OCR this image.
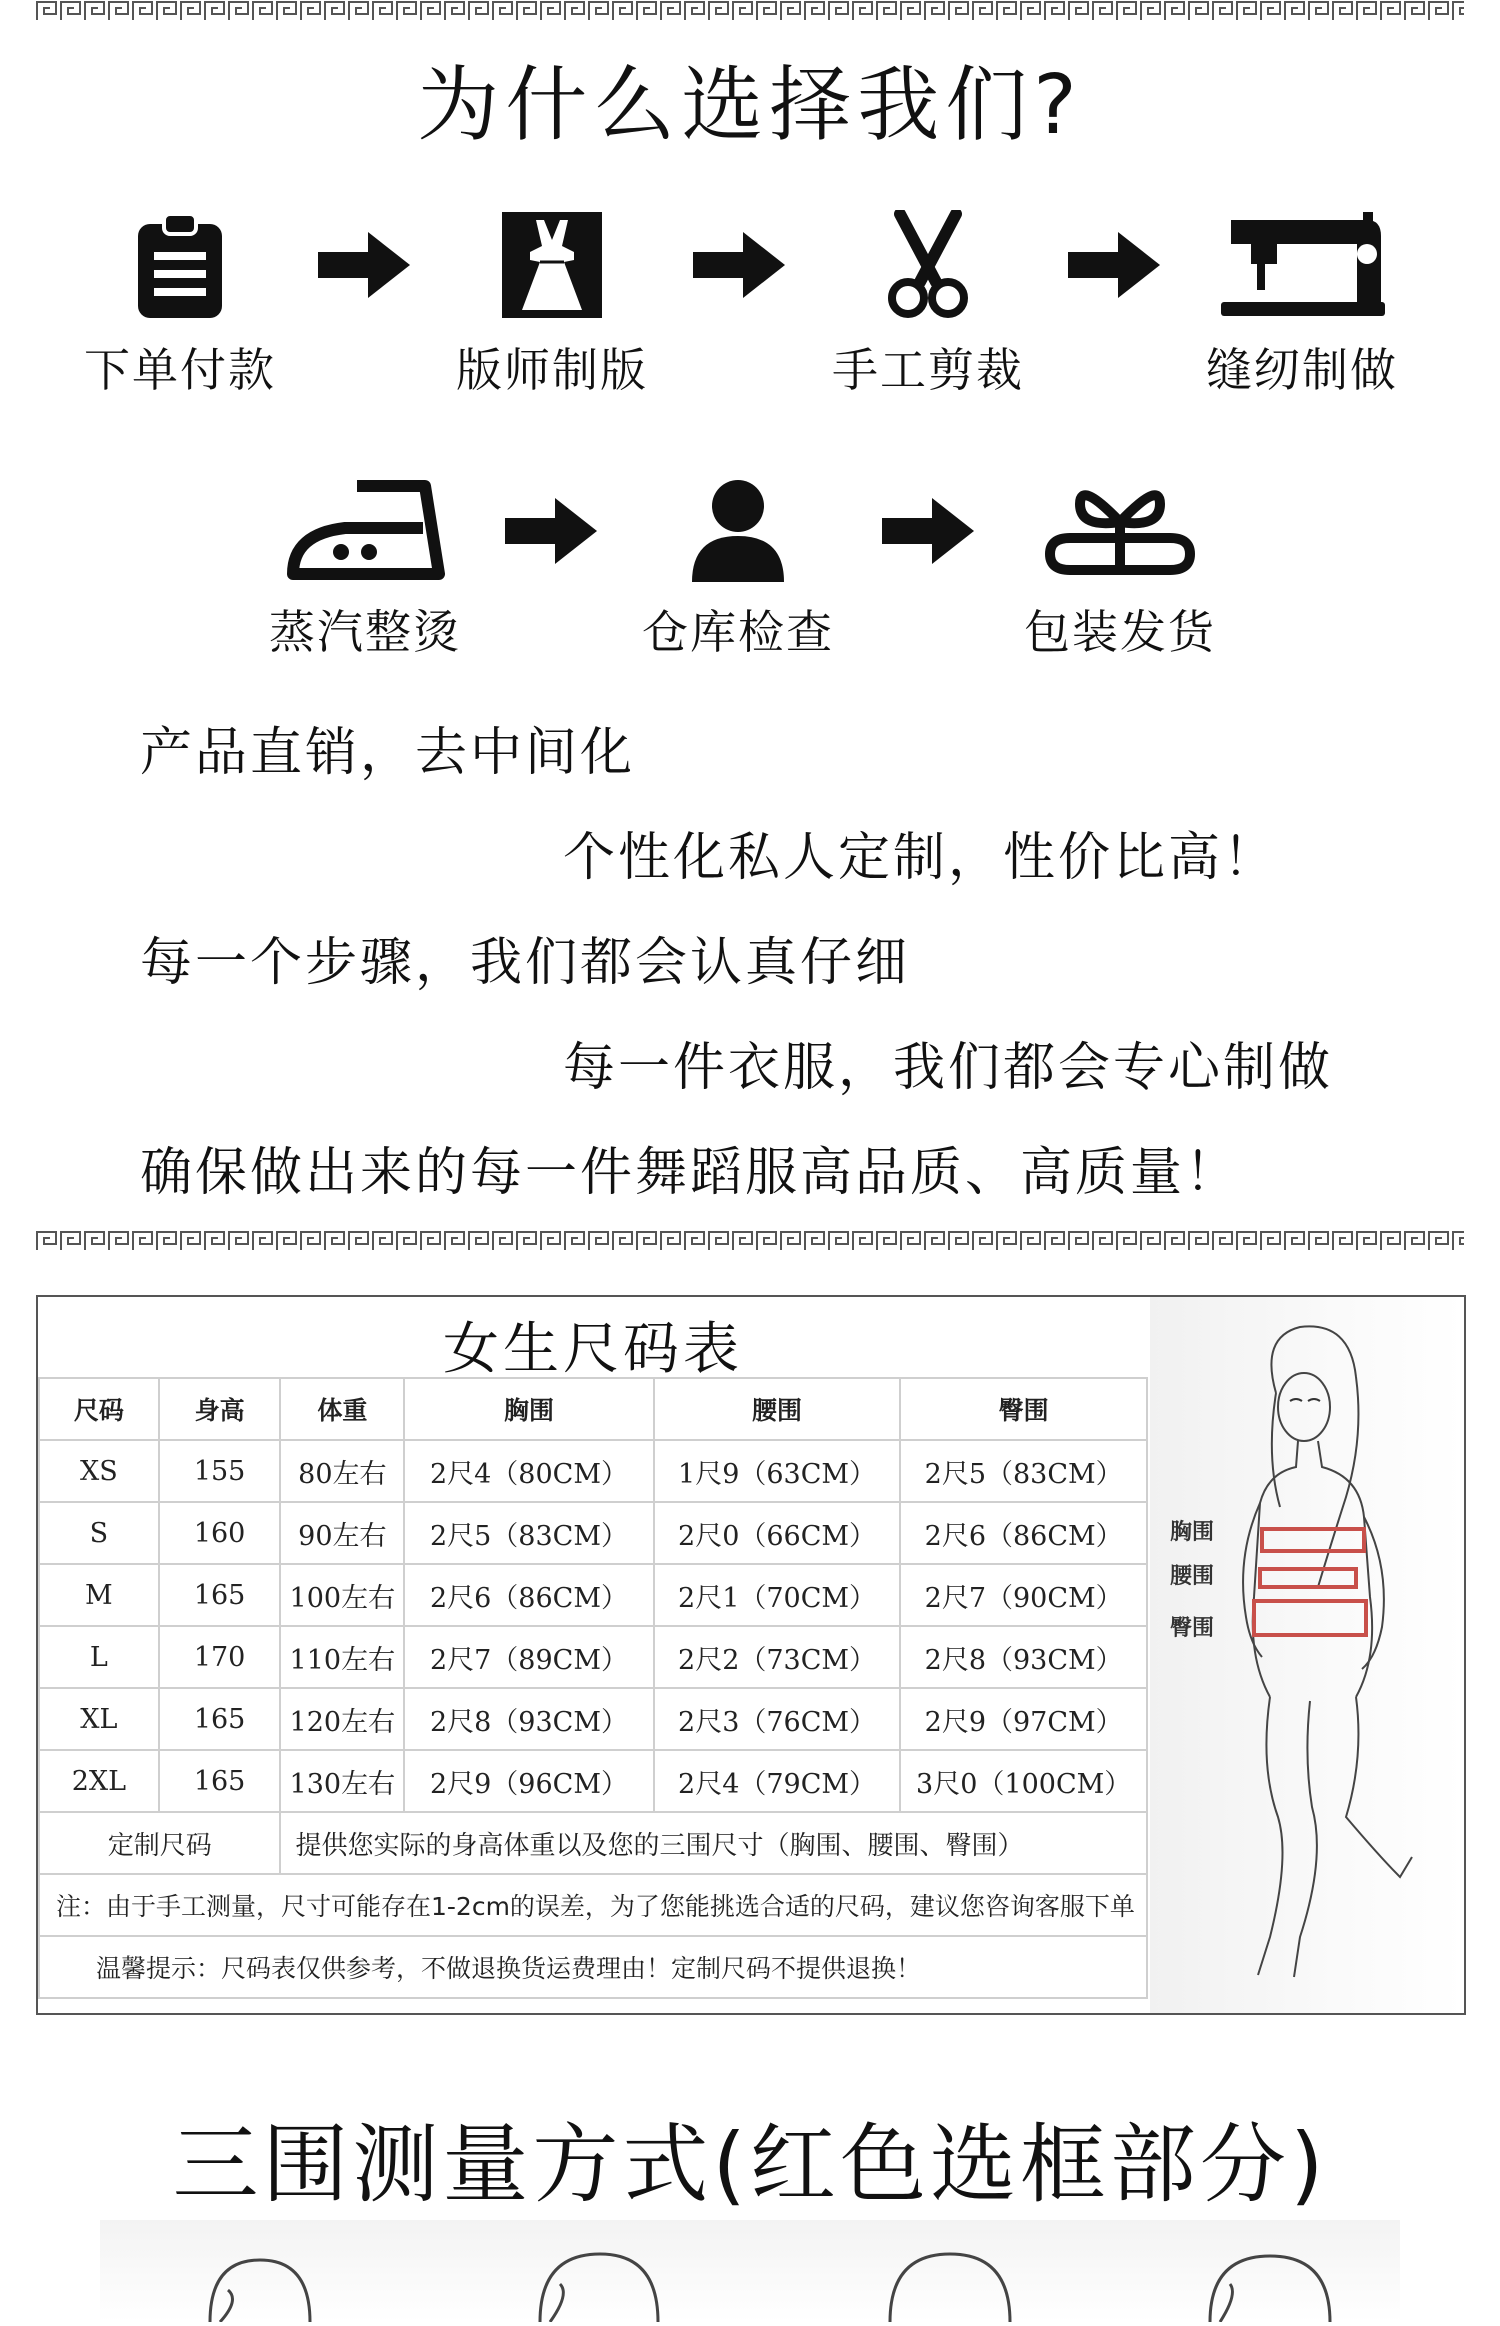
为什么选择我们?
下单付款	版师制版	手工剪裁	缝纫制做
蒸汽整烫	仓库检查	包装发货
产品直销，去中间化
个性化私人定制，性价比高！
每一个步骤，我们都会认真仔细
每一件衣服，我们都会专心制做
确保做出来的每一件舞蹈服高品质、高质量！
女生尺码表
尺码	身高	体重	胸围	腰围	臀围
XS	155	80左右	2尺4（80CM）	1尺9（63CM）	2尺5（83CM）
S	160	90左右	2尺5（83CM）	2尺0（66CM）	2尺6（86CM）
M	165	100左右	2尺6（86CM）	2尺1（70CM）	2尺7（90CM）
L	170	110左右	2尺7（89CM）	2尺2（73CM）	2尺8（93CM）
XL	165	120左右	2尺8（93CM）	2尺3（76CM）	2尺9（97CM）
2XL	165	130左右	2尺9（96CM）	2尺4（79CM）	3尺0（100CM）
定制尺码		提供您实际的身高体重以及您的三围尺寸（胸围、腰围、臀围）			
注：由于手工测量，尺寸可能存在1-2cm的误差，为了您能挑选合适的尺码，建议您咨询客服下单					
温馨提示：尺码表仅供参考，不做退换货运费理由！定制尺码不提供退换！					
胸围
腰围
臀围
三围测量方式(红色选框部分)
